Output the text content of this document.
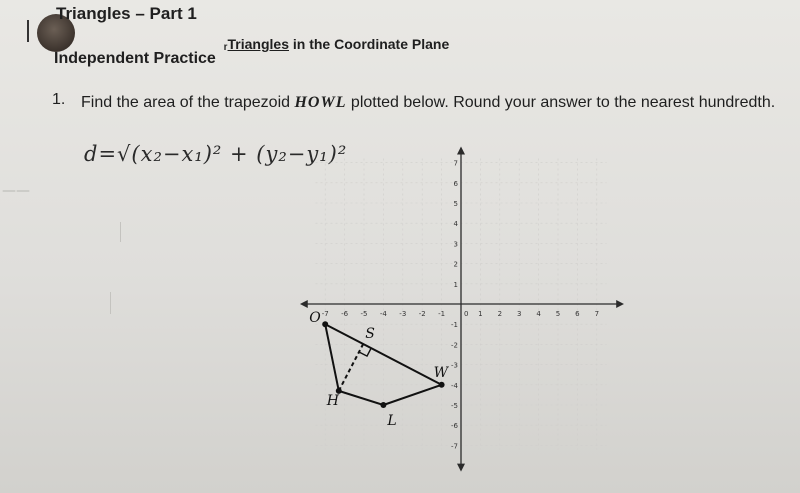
Triangles – Part 1
ᵣTriangles in the Coordinate Plane
Independent Practice
1. Find the area of the trapezoid HOWL plotted below. Round your answer to the nearest hundredth.
d=√(x₂−x₁)² + (y₂−y₁)²
——
-7 -6 -5 -4 -3 -2 -1	1 2 3 4 5 6 7
7
6
5
4
3
2
1
-1
-2
-3
-4
-5
-6
-7
0
O
W
L
H
S
